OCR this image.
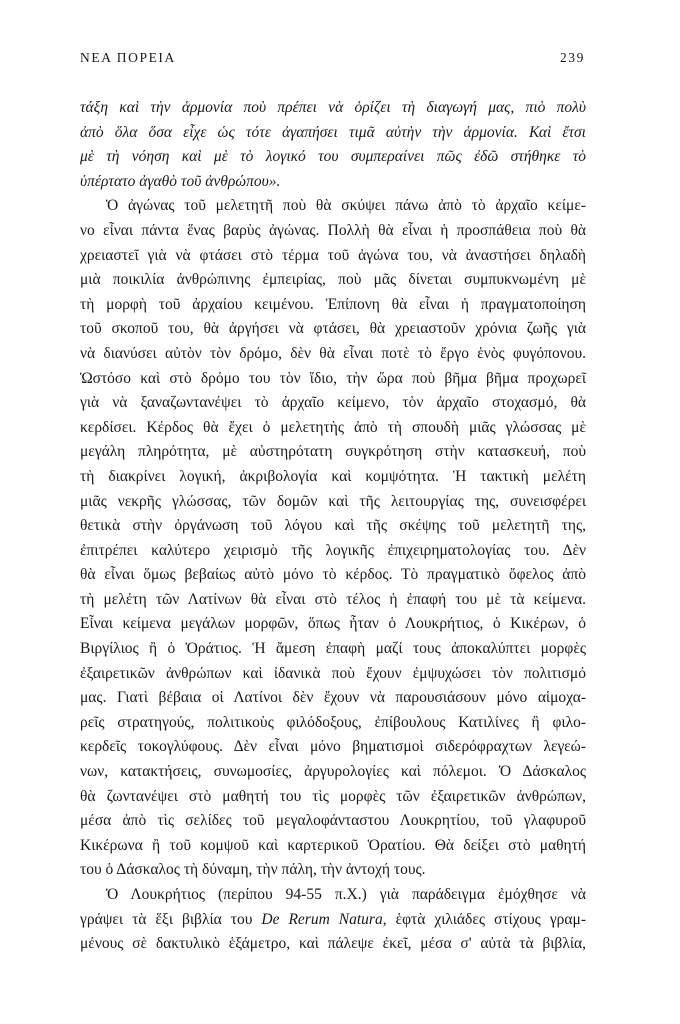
ΝΕΑ ΠΟΡΕΙΑ	239
τάξη καὶ τὴν ἁρμονία ποὺ πρέπει νὰ ὁρίζει τὴ διαγωγή μας, πιὸ πολὺ
ἀπὸ ὅλα ὅσα εἶχε ὡς τότε ἀγαπήσει τιμᾶ αὐτὴν τὴν ἁρμονία. Καὶ ἔτσι
μὲ τὴ νόηση καὶ μὲ τὸ λογικό του συμπεραίνει πῶς ἐδῶ στήθηκε τὸ
ὑπέρτατο ἀγαθὸ τοῦ ἀνθρώπου».
Ὁ ἀγώνας τοῦ μελετητῆ ποὺ θὰ σκύψει πάνω ἀπὸ τὸ ἀρχαῖο κείμε-
νο εἶναι πάντα ἕνας βαρὺς ἀγώνας. Πολλὴ θὰ εἶναι ἡ προσπάθεια ποὺ θὰ
χρειαστεῖ γιὰ νὰ φτάσει στὸ τέρμα τοῦ ἀγώνα του, νὰ ἀναστήσει δηλαδὴ
μιὰ ποικιλία ἀνθρώπινης ἐμπειρίας, ποὺ μᾶς δίνεται συμπυκνωμένη μὲ
τὴ μορφὴ τοῦ ἀρχαίου κειμένου. Ἐπίπονη θὰ εἶναι ἡ πραγματοποίηση
τοῦ σκοποῦ του, θὰ ἀργήσει νὰ φτάσει, θὰ χρειαστοῦν χρόνια ζωῆς γιὰ
νὰ διανύσει αὐτὸν τὸν δρόμο, δὲν θὰ εἶναι ποτὲ τὸ ἔργο ἑνὸς φυγόπονου.
Ὡστόσο καὶ στὸ δρόμο του τὸν ἴδιο, τὴν ὥρα ποὺ βῆμα βῆμα προχωρεῖ
γιὰ νὰ ξαναζωντανέψει τὸ ἀρχαῖο κείμενο, τὸν ἀρχαῖο στοχασμό, θὰ
κερδίσει. Κέρδος θὰ ἔχει ὁ μελετητὴς ἀπὸ τὴ σπουδὴ μιᾶς γλώσσας μὲ
μεγάλη πληρότητα, μὲ αὐστηρότατη συγκρότηση στὴν κατασκευή, ποὺ
τὴ διακρίνει λογική, ἀκριβολογία καὶ κομψότητα. Ἡ τακτικὴ μελέτη
μιᾶς νεκρῆς γλώσσας, τῶν δομῶν καὶ τῆς λειτουργίας της, συνεισφέρει
θετικὰ στὴν ὀργάνωση τοῦ λόγου καὶ τῆς σκέψης τοῦ μελετητῆ της,
ἐπιτρέπει καλύτερο χειρισμὸ τῆς λογικῆς ἐπιχειρηματολογίας του. Δὲν
θὰ εἶναι ὅμως βεβαίως αὐτὸ μόνο τὸ κέρδος. Τὸ πραγματικὸ ὄφελος ἀπὸ
τὴ μελέτη τῶν Λατίνων θὰ εἶναι στὸ τέλος ἡ ἐπαφή του μὲ τὰ κείμενα.
Εἶναι κείμενα μεγάλων μορφῶν, ὅπως ἦταν ὁ Λουκρήτιος, ὁ Κικέρων, ὁ
Βιργίλιος ἢ ὁ Ὁράτιος. Ἡ ἄμεση ἐπαφὴ μαζί τους ἀποκαλύπτει μορφὲς
ἐξαιρετικῶν ἀνθρώπων καὶ ἰδανικὰ ποὺ ἔχουν ἐμψυχώσει τὸν πολιτισμό
μας. Γιατὶ βέβαια οἱ Λατίνοι δὲν ἔχουν νὰ παρουσιάσουν μόνο αἱμοχα-
ρεῖς στρατηγούς, πολιτικοὺς φιλόδοξους, ἐπίβουλους Κατιλίνες ἢ φιλο-
κερδεῖς τοκογλύφους. Δὲν εἶναι μόνο βηματισμοὶ σιδερόφραχτων λεγεώ-
νων, κατακτήσεις, συνωμοσίες, ἀργυρολογίες καὶ πόλεμοι. Ὁ Δάσκαλος
θὰ ζωντανέψει στὸ μαθητή του τὶς μορφὲς τῶν ἐξαιρετικῶν ἀνθρώπων,
μέσα ἀπὸ τὶς σελίδες τοῦ μεγαλοφάνταστου Λουκρητίου, τοῦ γλαφυροῦ
Κικέρωνα ἢ τοῦ κομψοῦ καὶ καρτερικοῦ Ὁρατίου. Θὰ δείξει στὸ μαθητή
του ὁ Δάσκαλος τὴ δύναμη, τὴν πάλη, τὴν ἀντοχή τους.
Ὁ Λουκρήτιος (περίπου 94-55 π.Χ.) γιὰ παράδειγμα ἐμόχθησε νὰ
γράψει τὰ ἕξι βιβλία του De Rerum Natura, ἑφτὰ χιλιάδες στίχους γραμ-
μένους σὲ δακτυλικὸ ἑξάμετρο, καὶ πάλεψε ἐκεῖ, μέσα σ' αὐτὰ τὰ βιβλία,
